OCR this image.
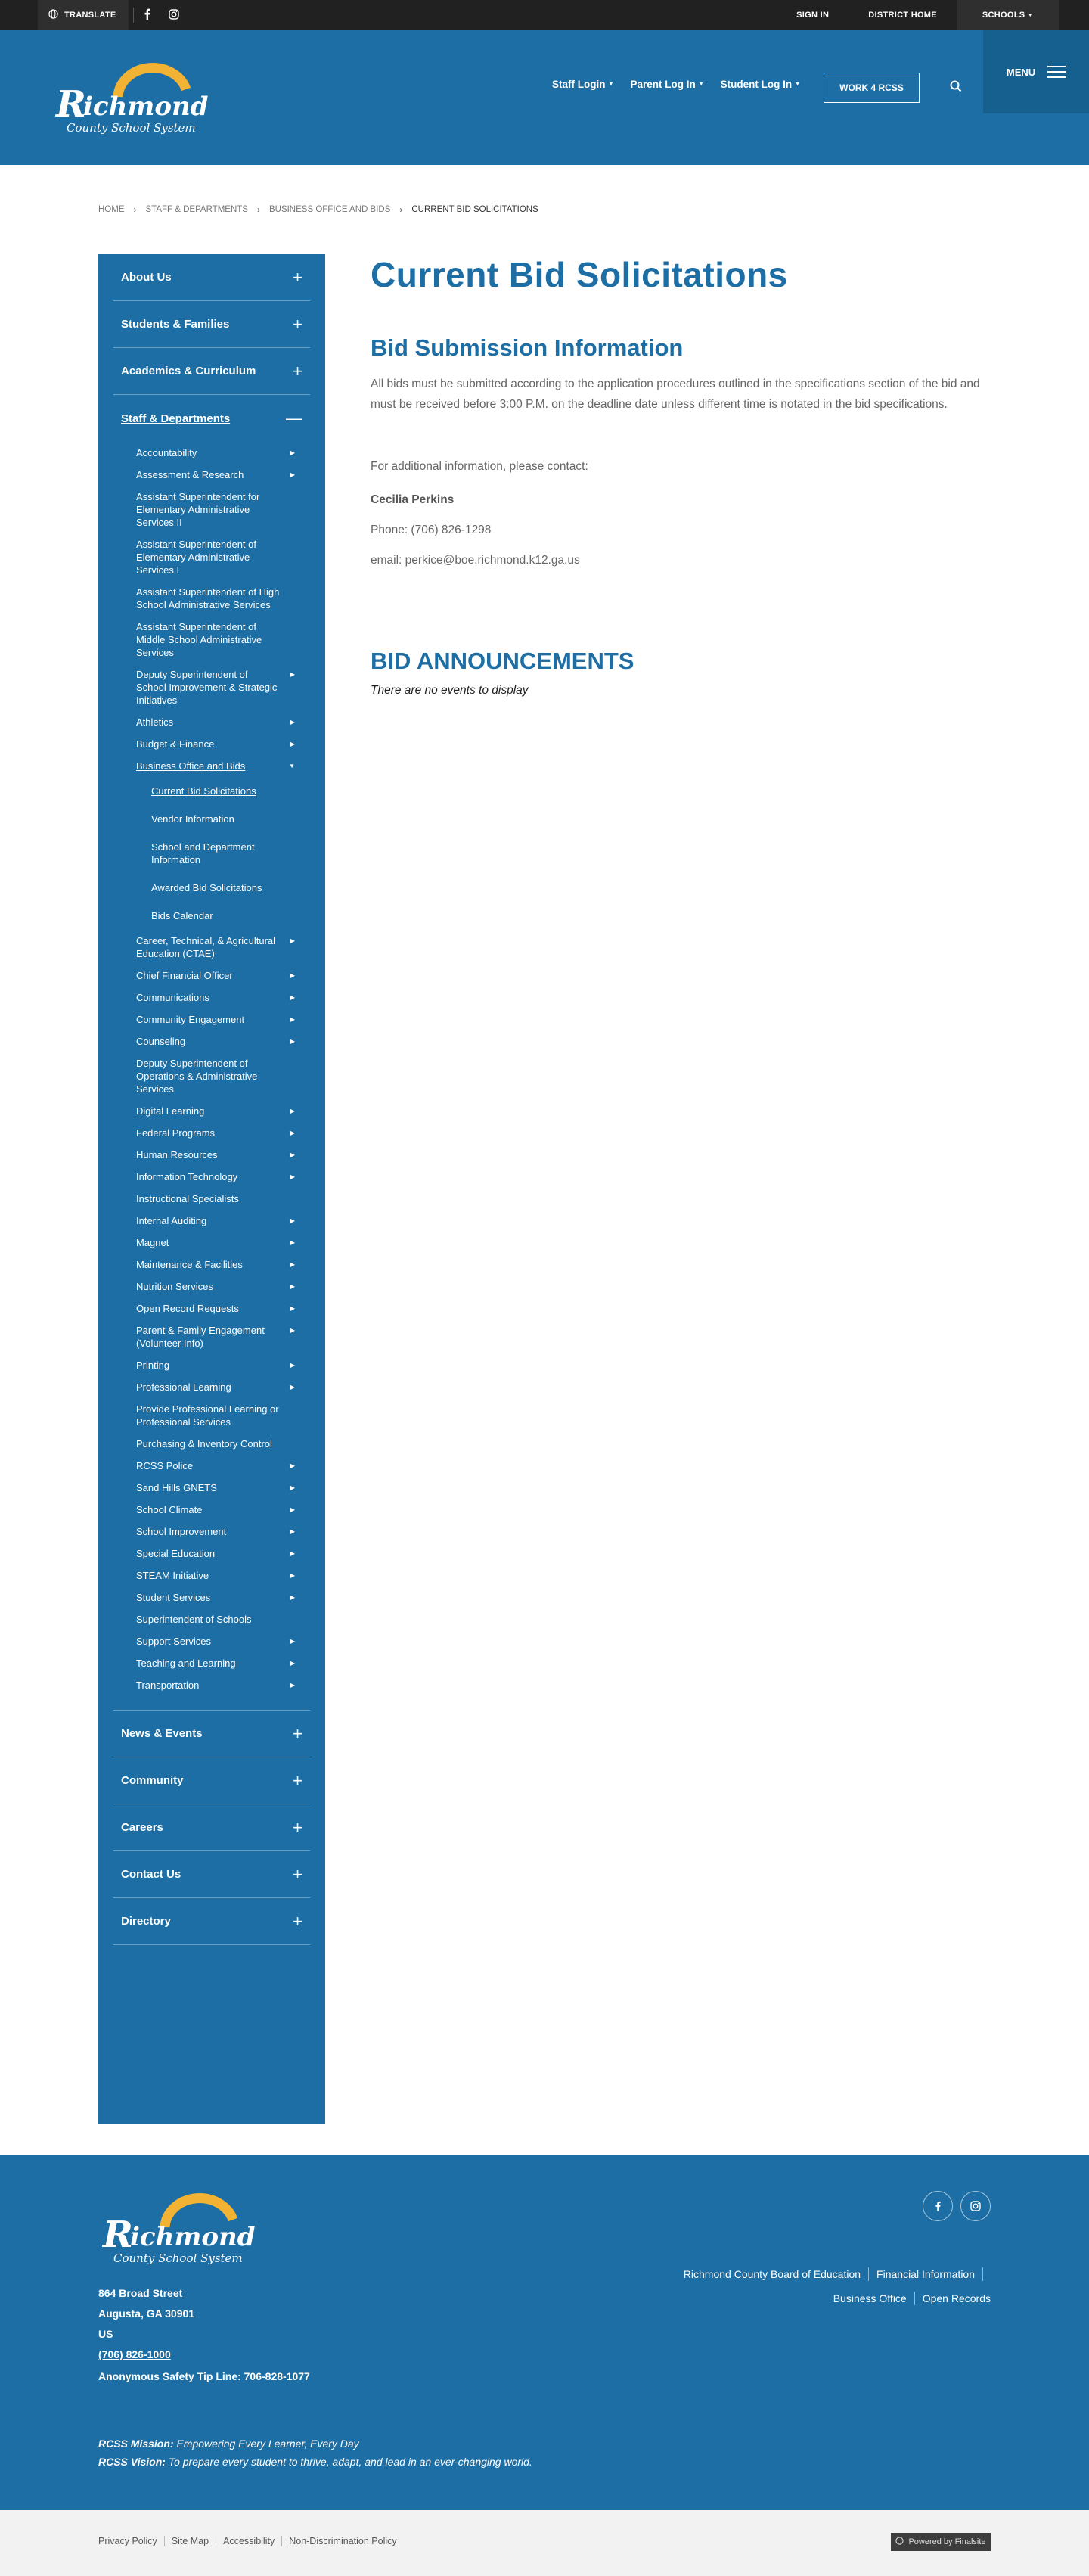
TRANSLATE	SIGN IN	DISTRICT HOME	SCHOOLS
▼
R
ichmond
County School System
Staff Login ▼ Parent Log In ▼ Student Log In ▼	WORK 4 RCSS
MENU
HOME › STAFF & DEPARTMENTS › BUSINESS OFFICE AND BIDS › CURRENT BID SOLICITATIONS
About Us	+
Students & Families	+
Academics & Curriculum +
Staff & Departments	—
Accountability	▶
Assessment & Research	▶
Assistant Superintendent for Elementary Administrative Services II
Assistant Superintendent of Elementary Administrative Services I
Assistant Superintendent of High School Administrative Services
Assistant Superintendent of Middle School Administrative Services
Deputy Superintendent of School Improvement & Strategic Initiatives
▶
Athletics	▶
Budget & Finance	▶
Business Office and Bids	▼
Current Bid Solicitations
Vendor Information
School and Department Information
Awarded Bid Solicitations
Bids Calendar
Career, Technical, & Agricultural Education (CTAE)
▶
Chief Financial Officer	▶
Communications	▶
Community Engagement	▶
Counseling	▶
Deputy Superintendent of Operations & Administrative Services
Digital Learning	▶
Federal Programs	▶
Human Resources	▶
Information Technology	▶
Instructional Specialists
Internal Auditing	▶
Magnet	▶
Maintenance & Facilities	▶
Nutrition Services	▶
Open Record Requests	▶
Parent & Family Engagement (Volunteer Info)
▶
Printing	▶
Professional Learning	▶
Provide Professional Learning or Professional Services
Purchasing & Inventory Control
RCSS Police	▶
Sand Hills GNETS	▶
School Climate	▶
School Improvement	▶
Special Education	▶
STEAM Initiative	▶
Student Services	▶
Superintendent of Schools
Support Services	▶
Teaching and Learning	▶
Transportation	▶
News & Events	+
Community	+
Careers	+
Contact Us	+
Directory	+
Current Bid Solicitations
Bid Submission Information

All bids must be submitted according to the application procedures outlined in the specifications section of the bid and must be received before 3:00 P.M. on the deadline date unless different time is notated in the bid specifications.

For additional information, please contact:

Cecilia Perkins

Phone: (706) 826-1298

email: perkice@boe.richmond.k12.ga.us

BID ANNOUNCEMENTS

There are no events to display

R
ichmond
County School System
864 Broad Street
Augusta, GA 30901
US
(706) 826-1000
Anonymous Safety Tip Line: 706-828-1077
RCSS Mission: Empowering Every Learner, Every Day
RCSS Vision: To prepare every student to thrive, adapt, and lead in an ever-changing world.
Richmond County Board of Education Financial Information
Business Office Open Records
Privacy Policy Site Map Accessibility Non-Discrimination Policy	Powered by Finalsite
